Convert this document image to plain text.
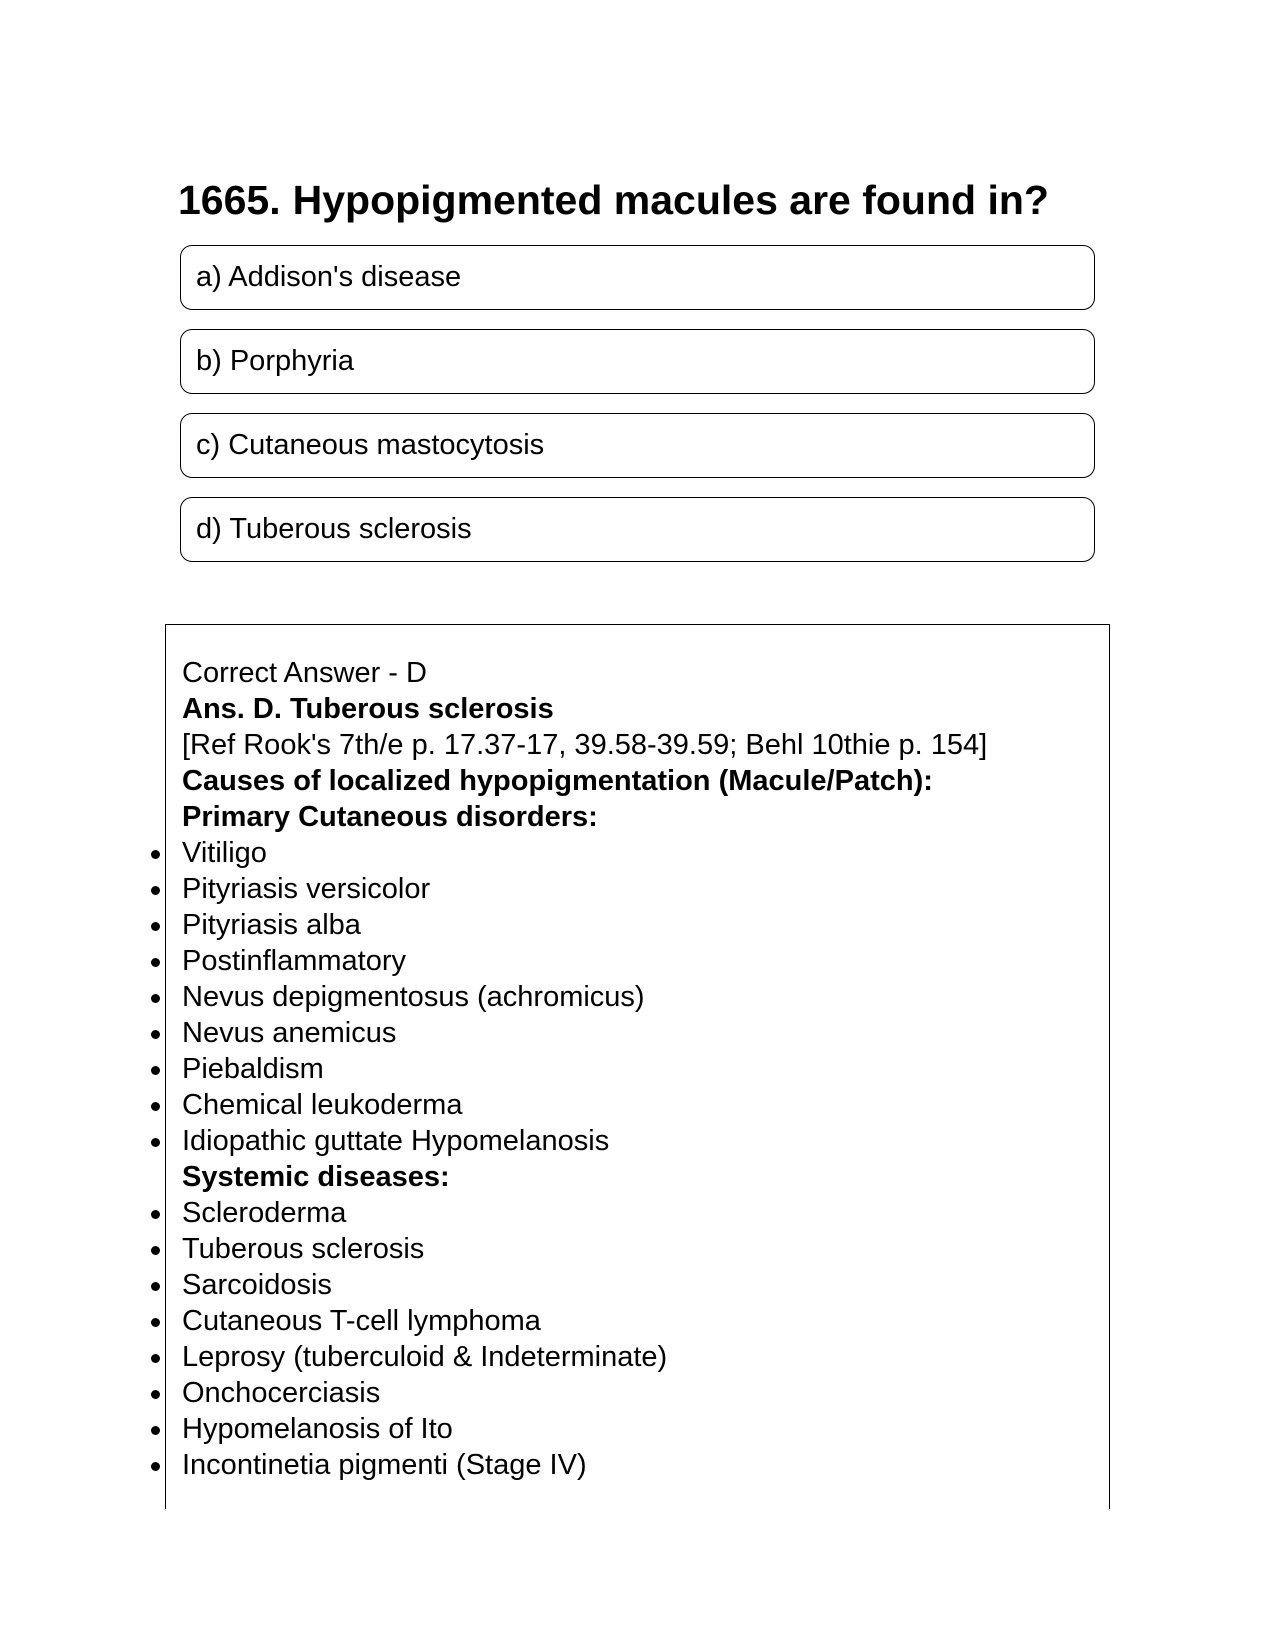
1665. Hypopigmented macules are found in?
a) Addison's disease
b) Porphyria
c) Cutaneous mastocytosis
d) Tuberous sclerosis

Correct Answer - D

Ans. D. Tuberous sclerosis

[Ref Rook's 7th/e p. 17.37-17, 39.58-39.59; Behl 10thie p. 154]

Causes of localized hypopigmentation (Macule/Patch):

Primary Cutaneous disorders:

Vitiligo
Pityriasis versicolor
Pityriasis alba
Postinflammatory
Nevus depigmentosus (achromicus)
Nevus anemicus
Piebaldism
Chemical leukoderma
Idiopathic guttate Hypomelanosis

Systemic diseases:

Scleroderma
Tuberous sclerosis
Sarcoidosis
Cutaneous T-cell lymphoma
Leprosy (tuberculoid & Indeterminate)
Onchocerciasis
Hypomelanosis of Ito
Incontinetia pigmenti (Stage IV)
